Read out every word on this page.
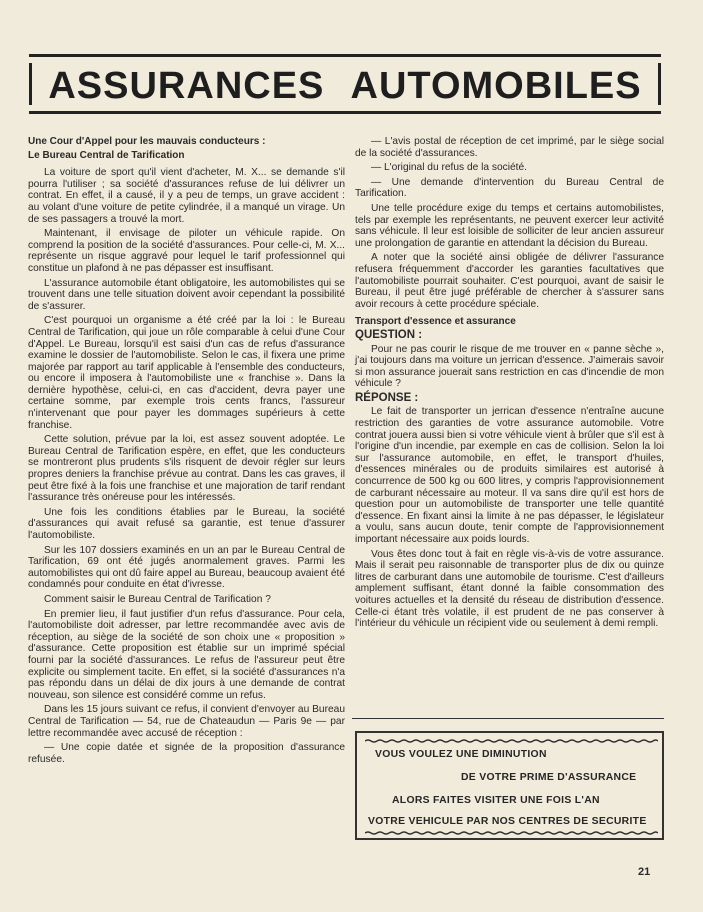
ASSURANCES AUTOMOBILES
Une Cour d'Appel pour les mauvais conducteurs :
Le Bureau Central de Tarification

La voiture de sport qu'il vient d'acheter, M. X... se demande s'il pourra l'utiliser ; sa société d'assurances refuse de lui délivrer un contrat. En effet, il a causé, il y a peu de temps, un grave accident : au volant d'une voiture de petite cylindrée, il a manqué un virage. Un de ses passagers a trouvé la mort.

Maintenant, il envisage de piloter un véhicule rapide. On comprend la position de la société d'assurances. Pour celle-ci, M. X... représente un risque aggravé pour lequel le tarif professionnel qui constitue un plafond à ne pas dépasser est insuffisant.

L'assurance automobile étant obligatoire, les automobilistes qui se trouvent dans une telle situation doivent avoir cependant la possibilité de s'assurer.

C'est pourquoi un organisme a été créé par la loi : le Bureau Central de Tarification, qui joue un rôle comparable à celui d'une Cour d'Appel. Le Bureau, lorsqu'il est saisi d'un cas de refus d'assurance examine le dossier de l'automobiliste. Selon le cas, il fixera une prime majorée par rapport au tarif applicable à l'ensemble des conducteurs, ou encore il imposera à l'automobiliste une « franchise ». Dans la dernière hypothèse, celui-ci, en cas d'accident, devra payer une certaine somme, par exemple trois cents francs, l'assureur n'intervenant que pour payer les dommages supérieurs à cette franchise.

Cette solution, prévue par la loi, est assez souvent adoptée. Le Bureau Central de Tarification espère, en effet, que les conducteurs se montreront plus prudents s'ils risquent de devoir régler sur leurs propres deniers la franchise prévue au contrat. Dans les cas graves, il peut être fixé à la fois une franchise et une majoration de tarif rendant l'assurance très onéreuse pour les intéressés.

Une fois les conditions établies par le Bureau, la société d'assurances qui avait refusé sa garantie, est tenue d'assurer l'automobiliste.

Sur les 107 dossiers examinés en un an par le Bureau Central de Tarification, 69 ont été jugés anormalement graves. Parmi les automobilistes qui ont dû faire appel au Bureau, beaucoup avaient été condamnés pour conduite en état d'ivresse.

Comment saisir le Bureau Central de Tarification ?

En premier lieu, il faut justifier d'un refus d'assurance. Pour cela, l'automobiliste doit adresser, par lettre recommandée avec avis de réception, au siège de la société de son choix une « proposition » d'assurance. Cette proposition est établie sur un imprimé spécial fourni par la société d'assurances. Le refus de l'assureur peut être explicite ou simplement tacite. En effet, si la société d'assurances n'a pas répondu dans un délai de dix jours à une demande de contrat nouveau, son silence est considéré comme un refus.

Dans les 15 jours suivant ce refus, il convient d'envoyer au Bureau Central de Tarification — 54, rue de Chateaudun — Paris 9e — par lettre recommandée avec accusé de réception :

— Une copie datée et signée de la proposition d'assurance refusée.

— L'avis postal de réception de cet imprimé, par le siège social de la société d'assurances.

— L'original du refus de la société.

— Une demande d'intervention du Bureau Central de Tarification.

Une telle procédure exige du temps et certains automobilistes, tels par exemple les représentants, ne peuvent exercer leur activité sans véhicule. Il leur est loisible de solliciter de leur ancien assureur une prolongation de garantie en attendant la décision du Bureau.

A noter que la société ainsi obligée de délivrer l'assurance refusera fréquemment d'accorder les garanties facultatives que l'automobiliste pourrait souhaiter. C'est pourquoi, avant de saisir le Bureau, il peut être jugé préférable de chercher à s'assurer sans avoir recours à cette procédure spéciale.

Transport d'essence et assurance
QUESTION :

Pour ne pas courir le risque de me trouver en « panne sèche », j'ai toujours dans ma voiture un jerrican d'essence. J'aimerais savoir si mon assurance jouerait sans restriction en cas d'incendie de mon véhicule ?

RÉPONSE :

Le fait de transporter un jerrican d'essence n'entraîne aucune restriction des garanties de votre assurance automobile. Votre contrat jouera aussi bien si votre véhicule vient à brûler que s'il est à l'origine d'un incendie, par exemple en cas de collision. Selon la loi sur l'assurance automobile, en effet, le transport d'huiles, d'essences minérales ou de produits similaires est autorisé à concurrence de 500 kg ou 600 litres, y compris l'approvisionnement de carburant nécessaire au moteur. Il va sans dire qu'il est hors de question pour un automobiliste de transporter une telle quantité d'essence. En fixant ainsi la limite à ne pas dépasser, le législateur a voulu, sans aucun doute, tenir compte de l'approvisionnement important nécessaire aux poids lourds.

Vous êtes donc tout à fait en règle vis-à-vis de votre assurance. Mais il serait peu raisonnable de transporter plus de dix ou quinze litres de carburant dans une automobile de tourisme. C'est d'ailleurs amplement suffisant, étant donné la faible consommation des voitures actuelles et la densité du réseau de distribution d'essence. Celle-ci étant très volatile, il est prudent de ne pas conserver à l'intérieur du véhicule un récipient vide ou seulement à demi rempli.

VOUS VOULEZ UNE DIMINUTION
DE VOTRE PRIME D'ASSURANCE
ALORS FAITES VISITER UNE FOIS L'AN
VOTRE VEHICULE PAR NOS CENTRES DE SECURITE
21
